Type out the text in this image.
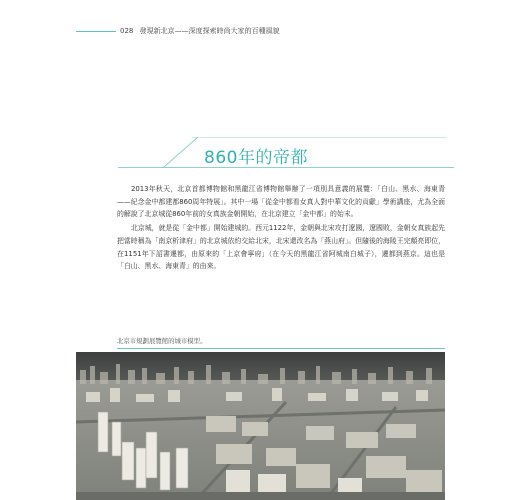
028 發現新北京——深度探索時尚大家的百種風貌
860年的帝都

2013年秋天，北京首都博物館和黑龍江省博物館舉辦了一項別具意義的展覽：「白山、黑水、海東青——紀念金中都建都860周年特展」。其中一場「從金中都看女真人對中華文化的貢獻」學術講座，尤為全面的解說了北京城從860年前的女真族金朝開始，在北京建立「金中都」的始末。

北京城，就是從「金中都」開始建城的。西元1122年，金朝與北宋攻打遼國，遼國敗，金朝女真族起先把當時稱為「南京析津府」的北京城依約交給北宋，北宋還改名為「燕山府」。但隨後的海陵王完顏亮即位，在1151年下詔書遷都，由原來的「上京會寧府」（在今天的黑龍江省阿城南白城子），遷都到燕京。這也是「白山、黑水、海東青」的由來。

北京市規劃展覽館的城市模型。
